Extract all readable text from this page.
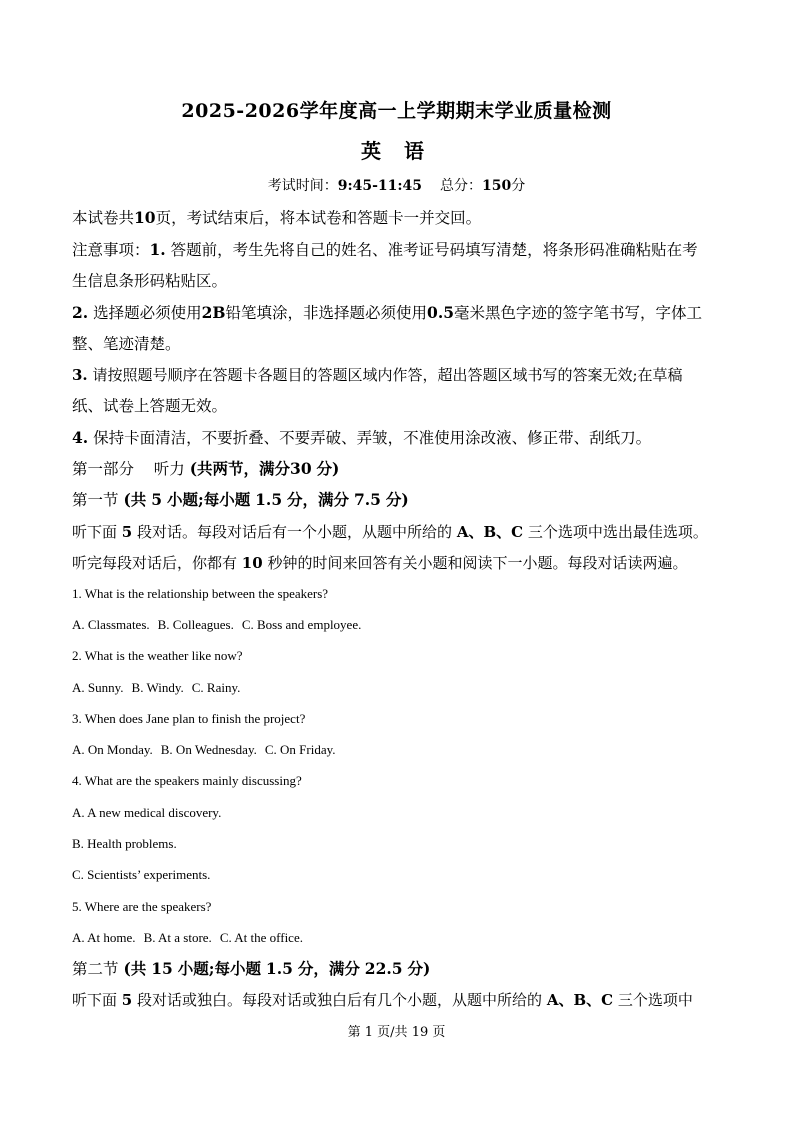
2025-2026学年度高一上学期期末学业质量检测
英 语
考试时间：9:45-11:45 总分：150分
本试卷共10页，考试结束后，将本试卷和答题卡一并交回。
注意事项：1. 答题前，考生先将自己的姓名、准考证号码填写清楚，将条形码准确粘贴在考
生信息条形码粘贴区。
2. 选择题必须使用2B铅笔填涂，非选择题必须使用0.5毫米黑色字迹的签字笔书写，字体工
整、笔迹清楚。
3. 请按照题号顺序在答题卡各题目的答题区域内作答，超出答题区域书写的答案无效;在草稿
纸、试卷上答题无效。
4. 保持卡面清洁，不要折叠、不要弄破、弄皱，不准使用涂改液、修正带、刮纸刀。
第一部分 听力 (共两节，满分30 分)
第一节 (共 5 小题;每小题 1.5 分，满分 7.5 分)
听下面 5 段对话。每段对话后有一个小题，从题中所给的 A、B、C 三个选项中选出最佳选项。
听完每段对话后，你都有 10 秒钟的时间来回答有关小题和阅读下一小题。每段对话读两遍。
1. What is the relationship between the speakers?
A. Classmates. B. Colleagues. C. Boss and employee.
2. What is the weather like now?
A. Sunny. B. Windy. C. Rainy.
3. When does Jane plan to finish the project?
A. On Monday. B. On Wednesday. C. On Friday.
4. What are the speakers mainly discussing?
A. A new medical discovery.
B. Health problems.
C. Scientists’ experiments.
5. Where are the speakers?
A. At home. B. At a store. C. At the office.
第二节 (共 15 小题;每小题 1.5 分，满分 22.5 分)
听下面 5 段对话或独白。每段对话或独白后有几个小题，从题中所给的 A、B、C 三个选项中
第 1 页/共 19 页
